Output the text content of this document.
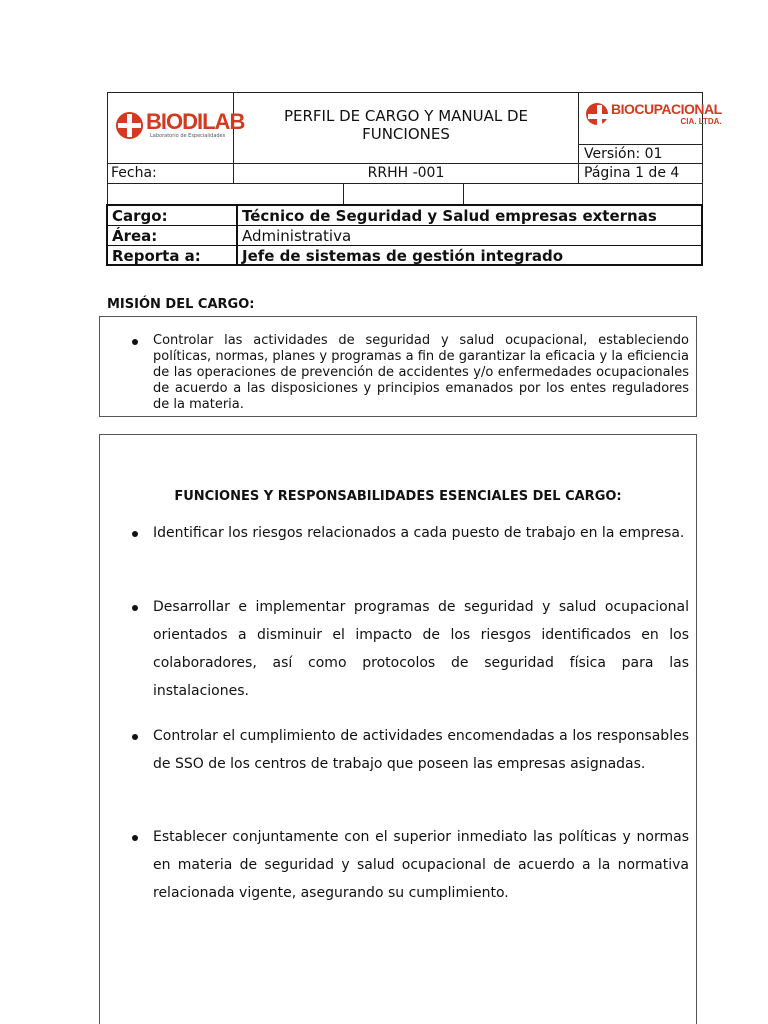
BIODILAB
Laboratorio de Especialidades
PERFIL DE CARGO Y MANUAL DE FUNCIONES
BIOCUPACIONAL
CIA. LTDA.
Versión: 01
Fecha:	RRHH -001	Página 1 de 4
Cargo:	Técnico de Seguridad y Salud empresas externas
Área:	Administrativa
Reporta a:	Jefe de sistemas de gestión integrado
MISIÓN DEL CARGO:
Controlar las actividades de seguridad y salud ocupacional, estableciendo políticas, normas, planes y programas a fin de garantizar la eficacia y la eficiencia de las operaciones de prevención de accidentes y/o enfermedades ocupacionales de acuerdo a las disposiciones y principios emanados por los entes reguladores de la materia.
FUNCIONES Y RESPONSABILIDADES ESENCIALES DEL CARGO:
Identificar los riesgos relacionados a cada puesto de trabajo en la empresa.
Desarrollar e implementar programas de seguridad y salud ocupacional orientados a disminuir el impacto de los riesgos identificados en los colaboradores, así como protocolos de seguridad física para las instalaciones.
Controlar el cumplimiento de actividades encomendadas a los responsables de SSO de los centros de trabajo que poseen las empresas asignadas.
Establecer conjuntamente con el superior inmediato las políticas y normas en materia de seguridad y salud ocupacional de acuerdo a la normativa relacionada vigente, asegurando su cumplimiento.
